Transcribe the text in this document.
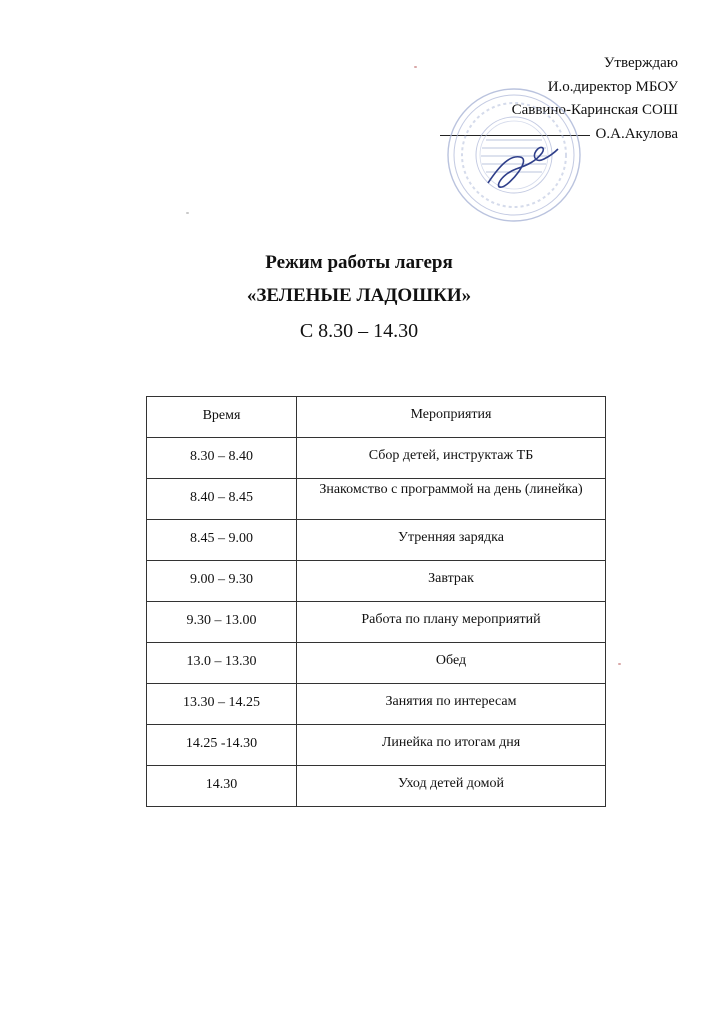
Утверждаю
И.о.директор МБОУ
Саввино-Каринская СОШ
О.А.Акулова
Режим работы лагеря
«ЗЕЛЕНЫЕ ЛАДОШКИ»
С 8.30 – 14.30
Время	Мероприятия
8.30 – 8.40	Сбор детей, инструктаж ТБ
8.40 – 8.45	Знакомство с программой на день (линейка)
8.45 – 9.00	Утренняя зарядка
9.00 – 9.30	Завтрак
9.30 – 13.00	Работа по плану мероприятий
13.0 – 13.30	Обед
13.30 – 14.25	Занятия по интересам
14.25 -14.30	Линейка по итогам дня
14.30	Уход детей домой
